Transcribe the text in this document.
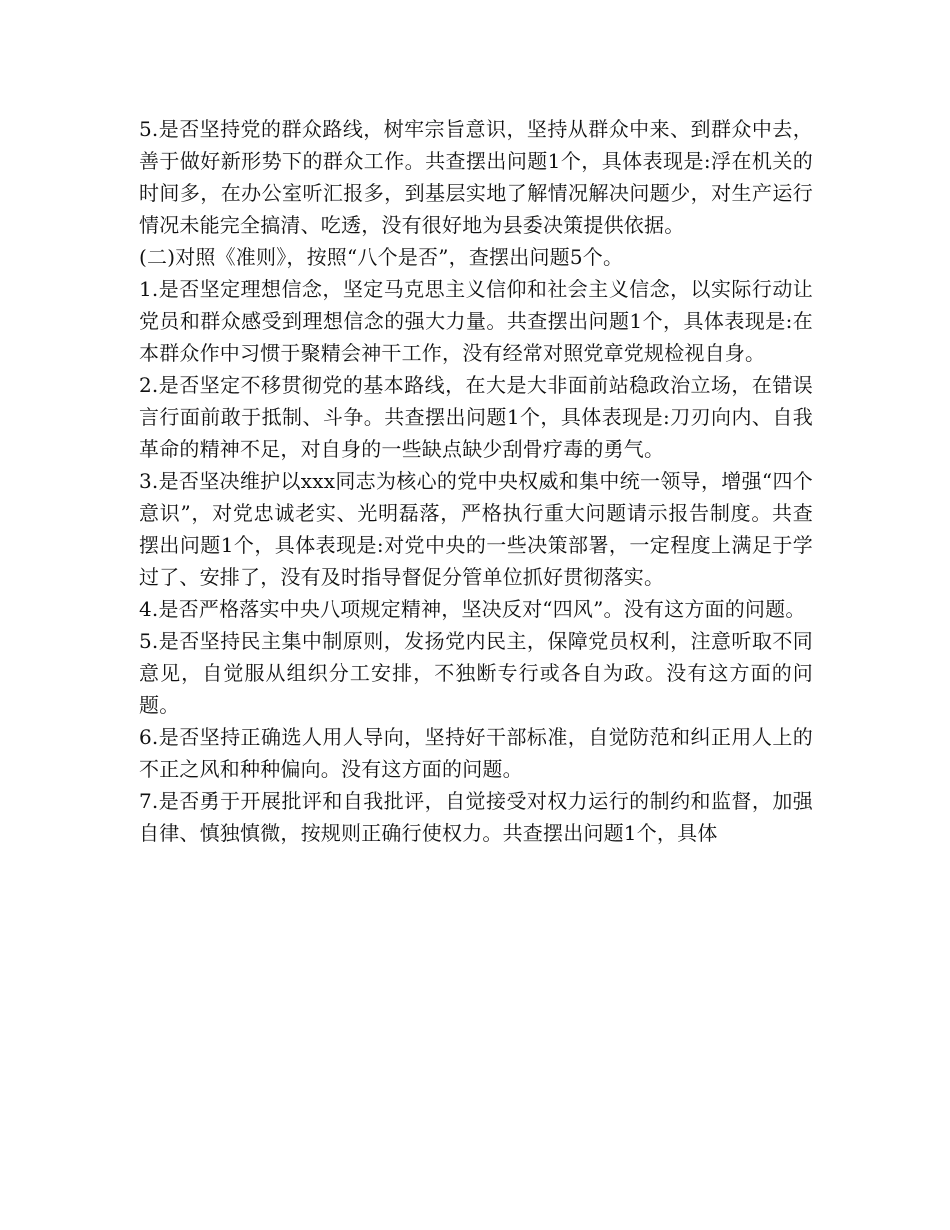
5.是否坚持党的群众路线，树牢宗旨意识，坚持从群众中来、到群众中去，善于做好新形势下的群众工作。共查摆出问题1个，具体表现是:浮在机关的时间多，在办公室听汇报多，到基层实地了解情况解决问题少，对生产运行情况未能完全搞清、吃透，没有很好地为县委决策提供依据。

(二)对照《准则》，按照“八个是否”，查摆出问题5个。

1.是否坚定理想信念，坚定马克思主义信仰和社会主义信念，以实际行动让党员和群众感受到理想信念的强大力量。共查摆出问题1个，具体表现是:在本群众作中习惯于聚精会神干工作，没有经常对照党章党规检视自身。

2.是否坚定不移贯彻党的基本路线，在大是大非面前站稳政治立场，在错误言行面前敢于抵制、斗争。共查摆出问题1个，具体表现是:刀刃向内、自我革命的精神不足，对自身的一些缺点缺少刮骨疗毒的勇气。

3.是否坚决维护以xxx同志为核心的党中央权威和集中统一领导，增强“四个意识”，对党忠诚老实、光明磊落，严格执行重大问题请示报告制度。共查摆出问题1个，具体表现是:对党中央的一些决策部署，一定程度上满足于学过了、安排了，没有及时指导督促分管单位抓好贯彻落实。

4.是否严格落实中央八项规定精神，坚决反对“四风”。没有这方面的问题。

5.是否坚持民主集中制原则，发扬党内民主，保障党员权利，注意听取不同意见，自觉服从组织分工安排，不独断专行或各自为政。没有这方面的问题。

6.是否坚持正确选人用人导向，坚持好干部标准，自觉防范和纠正用人上的不正之风和种种偏向。没有这方面的问题。

7.是否勇于开展批评和自我批评，自觉接受对权力运行的制约和监督，加强自律、慎独慎微，按规则正确行使权力。共查摆出问题1个，具体
